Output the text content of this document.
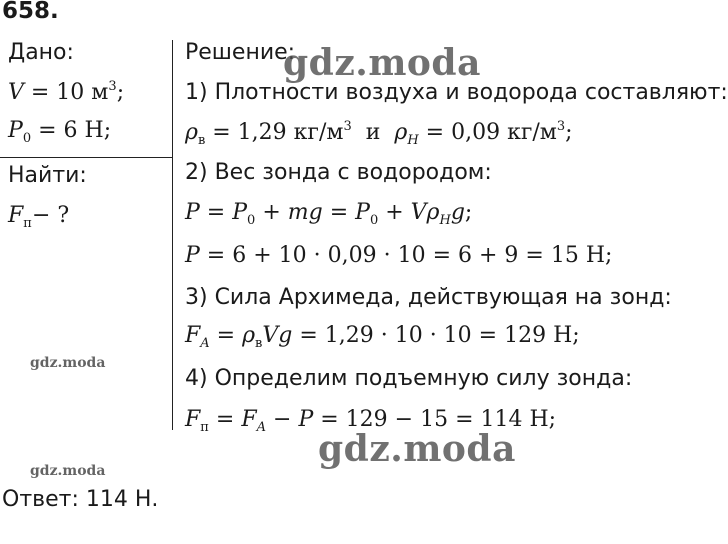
658.
Дано:
V = 10 $м^3$;
$P_0 = 6$ Н;
Найти:
$F_п-$ ?
Решение:
1) Плотности воздуха и водорода составляют:
$\rho_в = 1,29$ $кг/м^3$  и  $\rho_H = 0,09$ $кг/м^3$;
2) Вес зонда с водородом:
$P = P_0$ + mg = $P_0 + V\rho_Hg$;
P = 6 + 10 · 0,09 · 10 = 6 + 9 = 15 Н;
3) Сила Архимеда, действующая на зонд:
$F_A = \rho_вVg = 1,29 \cdot 10 \cdot 10 = 129$ Н;
4) Определим подъемную силу зонда:
$F_п = F_A - P = 129 - 15 = 114$ Н;
Ответ: 114 Н.
gdz.moda
gdz.moda
gdz.moda
gdz.moda
